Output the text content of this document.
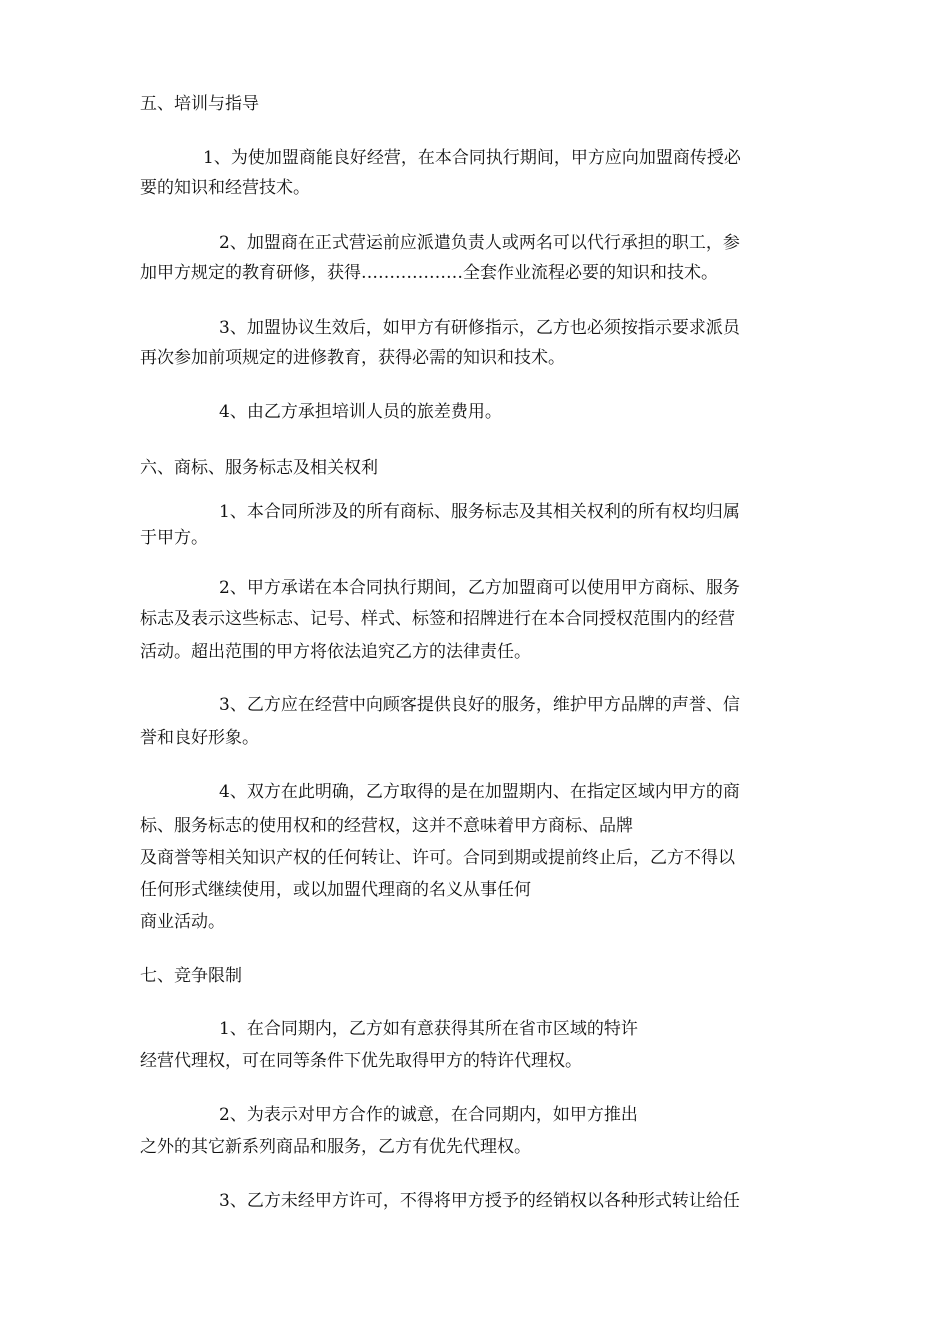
五、培训与指导
1、为使加盟商能良好经营，在本合同执行期间，甲方应向加盟商传授必
要的知识和经营技术。
2、加盟商在正式营运前应派遣负责人或两名可以代行承担的职工，参
加甲方规定的教育研修，获得………………全套作业流程必要的知识和技术。
3、加盟协议生效后，如甲方有研修指示，乙方也必须按指示要求派员
再次参加前项规定的进修教育，获得必需的知识和技术。
4、由乙方承担培训人员的旅差费用。
六、商标、服务标志及相关权利
1、本合同所涉及的所有商标、服务标志及其相关权利的所有权均归属
于甲方。
2、甲方承诺在本合同执行期间，乙方加盟商可以使用甲方商标、服务
标志及表示这些标志、记号、样式、标签和招牌进行在本合同授权范围内的经营
活动。超出范围的甲方将依法追究乙方的法律责任。
3、乙方应在经营中向顾客提供良好的服务，维护甲方品牌的声誉、信
誉和良好形象。
4、双方在此明确，乙方取得的是在加盟期内、在指定区域内甲方的商
标、服务标志的使用权和的经营权，这并不意味着甲方商标、品牌
及商誉等相关知识产权的任何转让、许可。合同到期或提前终止后，乙方不得以
任何形式继续使用，或以加盟代理商的名义从事任何
商业活动。
七、竞争限制
1、在合同期内，乙方如有意获得其所在省市区域的特许
经营代理权，可在同等条件下优先取得甲方的特许代理权。
2、为表示对甲方合作的诚意，在合同期内，如甲方推出
之外的其它新系列商品和服务，乙方有优先代理权。
3、乙方未经甲方许可，不得将甲方授予的经销权以各种形式转让给任
